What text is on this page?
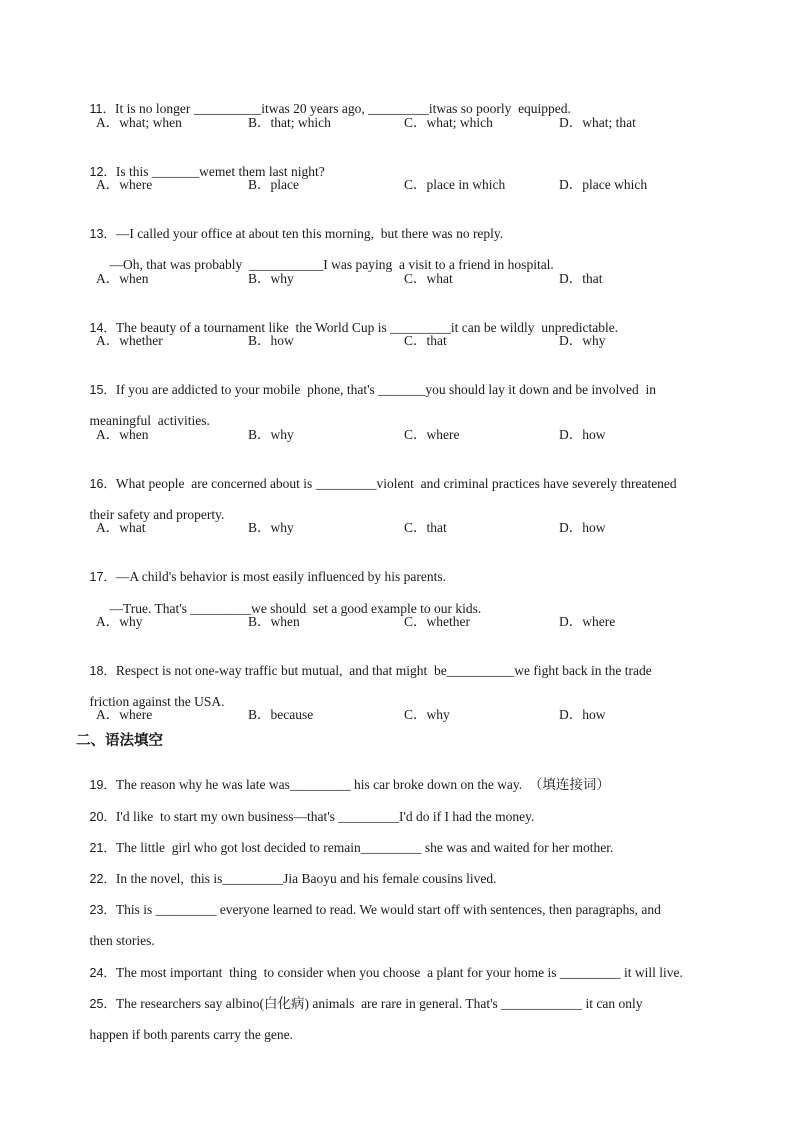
11．It is no longer __________itwas 20 years ago, _________itwas so poorly  equipped.

A．what; when	B．that; which	C．what; which	D．what; that

12．Is this _______wemet them last night?

A．where	B．place	C．place in which	D．place which

13．—I called your office at about ten this morning,  but there was no reply.

—Oh, that was probably  ___________I was paying  a visit to a friend in hospital.

A．when	B．why	C．what	D．that

14．The beauty of a tournament like  the World Cup is _________it can be wildly  unpredictable.

A．whether	B．how	C．that	D．why

15．If you are addicted to your mobile  phone, that's _______you should lay it down and be involved  in

meaningful  activities.

A．when	B．why	C．where	D．how

16．What people  are concerned about is _________violent  and criminal practices have severely threatened

their safety and property.

A．what	B．why	C．that	D．how

17．—A child's behavior is most easily influenced by his parents.

—True. That's _________we should  set a good example to our kids.

A．why	B．when	C．whether	D．where

18．Respect is not one-way traffic but mutual,  and that might  be__________we fight back in the trade

friction against the USA.

A．where	B．because	C．why	D．how
二、语法填空

19．The reason why he was late was_________ his car broke down on the way.  （填连接词）

20．I'd like  to start my own business—that's _________I'd do if I had the money.

21．The little  girl who got lost decided to remain_________ she was and waited for her mother.

22．In the novel,  this is_________Jia Baoyu and his female cousins lived.

23．This is _________ everyone learned to read. We would start off with sentences, then paragraphs, and

then stories.

24．The most important  thing  to consider when you choose  a plant for your home is _________ it will live.

25．The researchers say albino(白化病) animals  are rare in general. That's ____________ it can only

happen if both parents carry the gene.
